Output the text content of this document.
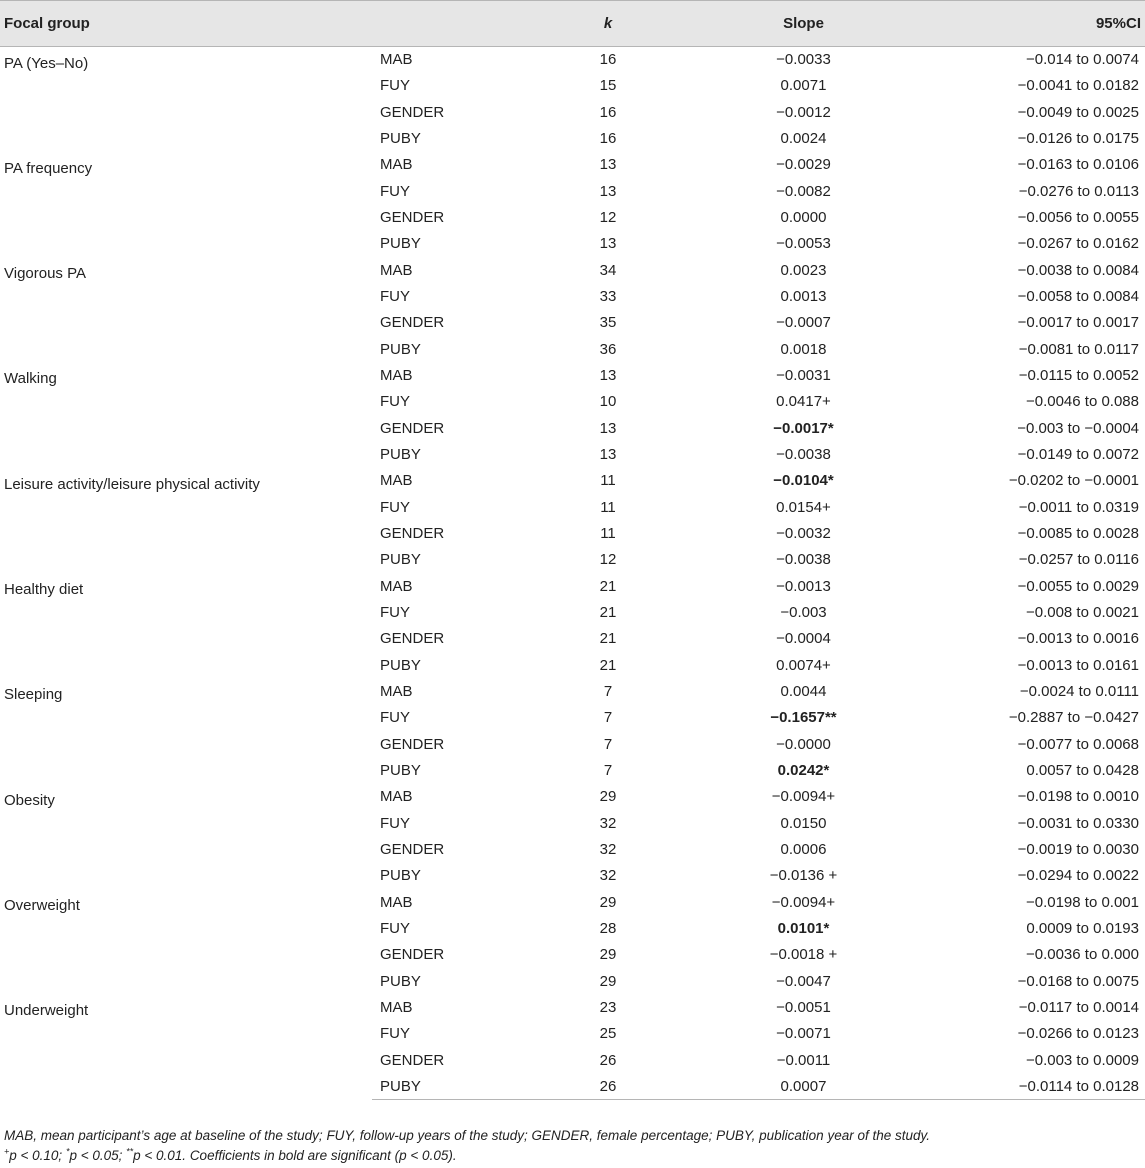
Focal group		k	Slope	95%CI
PA (Yes–No)	MAB	16	−0.0033	−0.014 to 0.0074
	FUY	15	0.0071	−0.0041 to 0.0182
	GENDER	16	−0.0012	−0.0049 to 0.0025
	PUBY	16	0.0024	−0.0126 to 0.0175
PA frequency	MAB	13	−0.0029	−0.0163 to 0.0106
	FUY	13	−0.0082	−0.0276 to 0.0113
	GENDER	12	0.0000	−0.0056 to 0.0055
	PUBY	13	−0.0053	−0.0267 to 0.0162
Vigorous PA	MAB	34	0.0023	−0.0038 to 0.0084
	FUY	33	0.0013	−0.0058 to 0.0084
	GENDER	35	−0.0007	−0.0017 to 0.0017
	PUBY	36	0.0018	−0.0081 to 0.0117
Walking	MAB	13	−0.0031	−0.0115 to 0.0052
	FUY	10	0.0417+	−0.0046 to 0.088
	GENDER	13	−0.0017*	−0.003 to −0.0004
	PUBY	13	−0.0038	−0.0149 to 0.0072
Leisure activity/leisure physical activity	MAB	11	−0.0104*	−0.0202 to −0.0001
	FUY	11	0.0154+	−0.0011 to 0.0319
	GENDER	11	−0.0032	−0.0085 to 0.0028
	PUBY	12	−0.0038	−0.0257 to 0.0116
Healthy diet	MAB	21	−0.0013	−0.0055 to 0.0029
	FUY	21	−0.003	−0.008 to 0.0021
	GENDER	21	−0.0004	−0.0013 to 0.0016
	PUBY	21	0.0074+	−0.0013 to 0.0161
Sleeping	MAB	7	0.0044	−0.0024 to 0.0111
	FUY	7	−0.1657**	−0.2887 to −0.0427
	GENDER	7	−0.0000	−0.0077 to 0.0068
	PUBY	7	0.0242*	0.0057 to 0.0428
Obesity	MAB	29	−0.0094+	−0.0198 to 0.0010
	FUY	32	0.0150	−0.0031 to 0.0330
	GENDER	32	0.0006	−0.0019 to 0.0030
	PUBY	32	−0.0136 +	−0.0294 to 0.0022
Overweight	MAB	29	−0.0094+	−0.0198 to 0.001
	FUY	28	0.0101*	0.0009 to 0.0193
	GENDER	29	−0.0018 +	−0.0036 to 0.000
	PUBY	29	−0.0047	−0.0168 to 0.0075
Underweight	MAB	23	−0.0051	−0.0117 to 0.0014
	FUY	25	−0.0071	−0.0266 to 0.0123
	GENDER	26	−0.0011	−0.003 to 0.0009
	PUBY	26	0.0007	−0.0114 to 0.0128
MAB, mean participant’s age at baseline of the study; FUY, follow-up years of the study; GENDER, female percentage; PUBY, publication year of the study.
+p < 0.10; *p < 0.05; **p < 0.01. Coefficients in bold are significant (p < 0.05).
